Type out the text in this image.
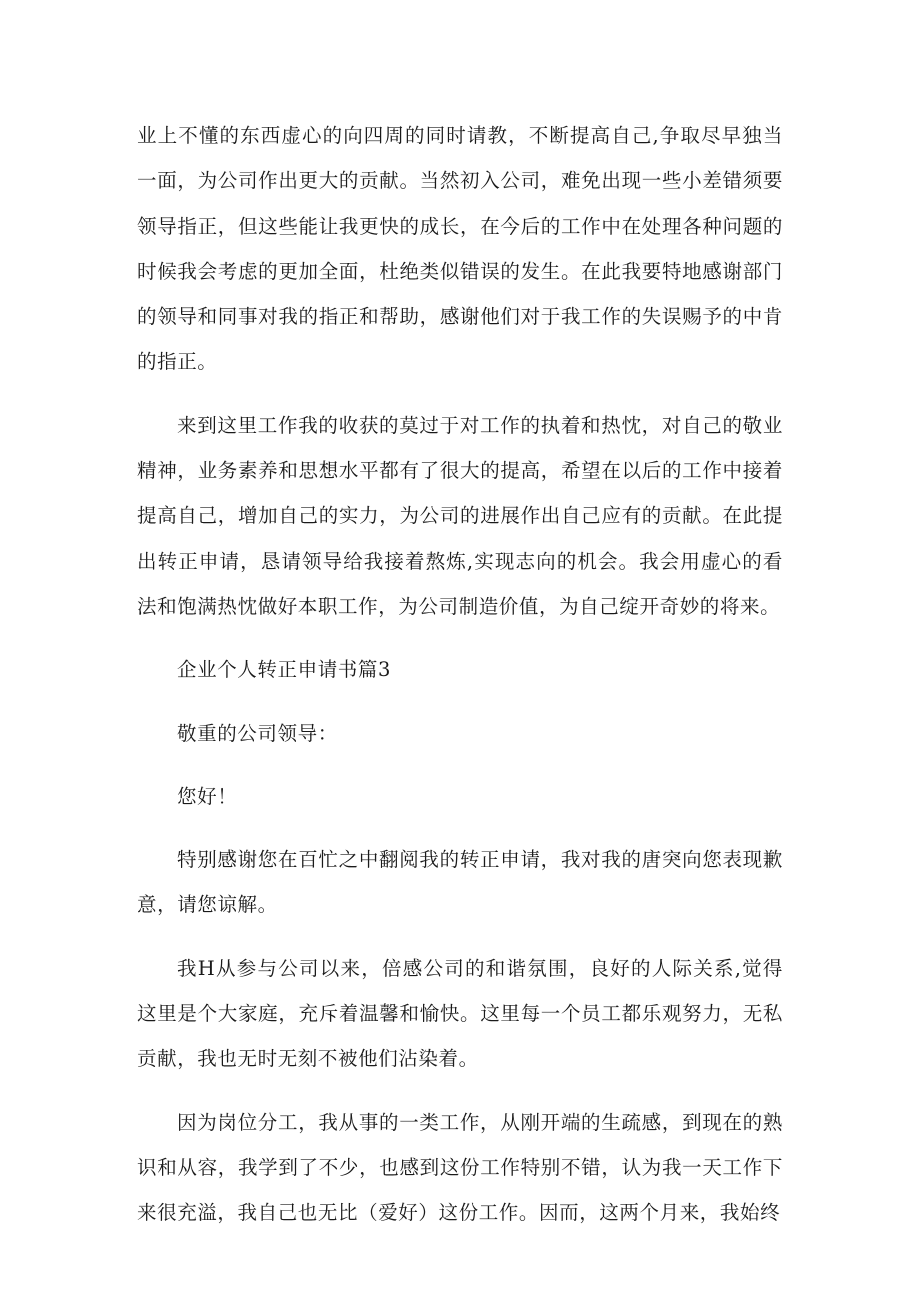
业上不懂的东西虚心的向四周的同时请教，不断提高自己,争取尽早独当一面，为公司作出更大的贡献。当然初入公司，难免出现一些小差错须要领导指正，但这些能让我更快的成长，在今后的工作中在处理各种问题的时候我会考虑的更加全面，杜绝类似错误的发生。在此我要特地感谢部门的领导和同事对我的指正和帮助，感谢他们对于我工作的失误赐予的中肯的指正。

来到这里工作我的收获的莫过于对工作的执着和热忱，对自己的敬业精神，业务素养和思想水平都有了很大的提高，希望在以后的工作中接着提高自己，增加自己的实力，为公司的进展作出自己应有的贡献。在此提出转正申请，恳请领导给我接着熬炼,实现志向的机会。我会用虚心的看法和饱满热忱做好本职工作，为公司制造价值，为自己绽开奇妙的将来。

企业个人转正申请书篇3

敬重的公司领导：

您好！

特别感谢您在百忙之中翻阅我的转正申请，我对我的唐突向您表现歉意，请您谅解。

我H从参与公司以来，倍感公司的和谐氛围，良好的人际关系,觉得这里是个大家庭，充斥着温馨和愉快。这里每一个员工都乐观努力，无私贡献，我也无时无刻不被他们沾染着。

因为岗位分工，我从事的一类工作，从刚开端的生疏感，到现在的熟识和从容，我学到了不少，也感到这份工作特别不错，认为我一天工作下来很充溢，我自己也无比（爱好）这份工作。因而，这两个月来，我始终
